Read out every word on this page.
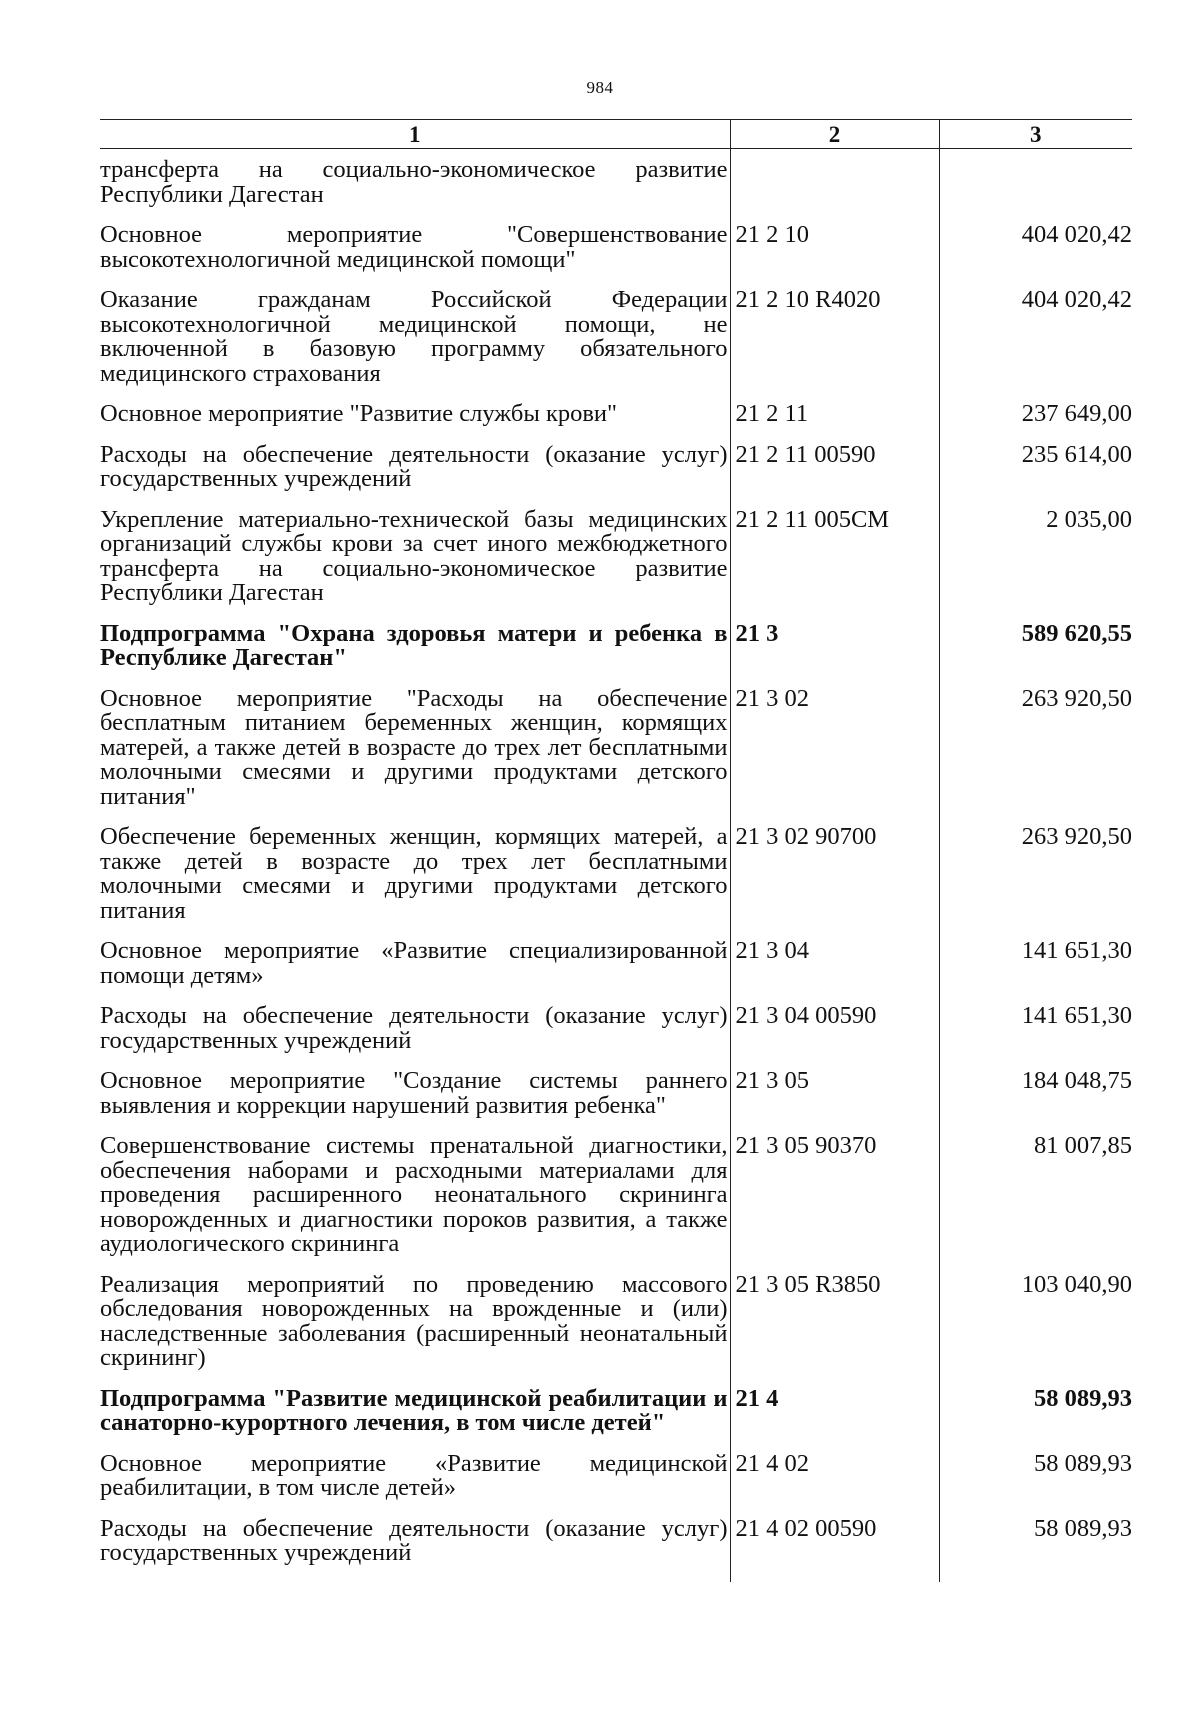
984
1	2	3
трансферта на социально-экономическое развитие Республики Дагестан		
Основное мероприятие "Совершенствование высокотехнологичной медицинской помощи"	21 2 10	404 020,42
Оказание гражданам Российской Федерации высокотехнологичной медицинской помощи, не включенной в базовую программу обязательного медицинского страхования	21 2 10 R4020	404 020,42
Основное мероприятие "Развитие службы крови"	21 2 11	237 649,00
Расходы на обеспечение деятельности (оказание услуг) государственных учреждений	21 2 11 00590	235 614,00
Укрепление материально-технической базы медицинских организаций службы крови за счет иного межбюджетного трансферта на социально-экономическое развитие Республики Дагестан	21 2 11 005СМ	2 035,00
Подпрограмма "Охрана здоровья матери и ребенка в Республике Дагестан"	21 3	589 620,55
Основное мероприятие "Расходы на обеспечение бесплатным питанием беременных женщин, кормящих матерей, а также детей в возрасте до трех лет бесплатными молочными смесями и другими продуктами детского питания"	21 3 02	263 920,50
Обеспечение беременных женщин, кормящих матерей, а также детей в возрасте до трех лет бесплатными молочными смесями и другими продуктами детского питания	21 3 02 90700	263 920,50
Основное мероприятие «Развитие специализированной помощи детям»	21 3 04	141 651,30
Расходы на обеспечение деятельности (оказание услуг) государственных учреждений	21 3 04 00590	141 651,30
Основное мероприятие "Создание системы раннего выявления и коррекции нарушений развития ребенка"	21 3 05	184 048,75
Совершенствование системы пренатальной диагностики, обеспечения наборами и расходными материалами для проведения расширенного неонатального скрининга новорожденных и диагностики пороков развития, а также аудиологического скрининга	21 3 05 90370	81 007,85
Реализация мероприятий по проведению массового обследования новорожденных на врожденные и (или) наследственные заболевания (расширенный неонатальный скрининг)	21 3 05 R3850	103 040,90
Подпрограмма "Развитие медицинской реабилитации и санаторно-курортного лечения, в том числе детей"	21 4	58 089,93
Основное мероприятие «Развитие медицинской реабилитации, в том числе детей»	21 4 02	58 089,93
Расходы на обеспечение деятельности (оказание услуг) государственных учреждений	21 4 02 00590	58 089,93
